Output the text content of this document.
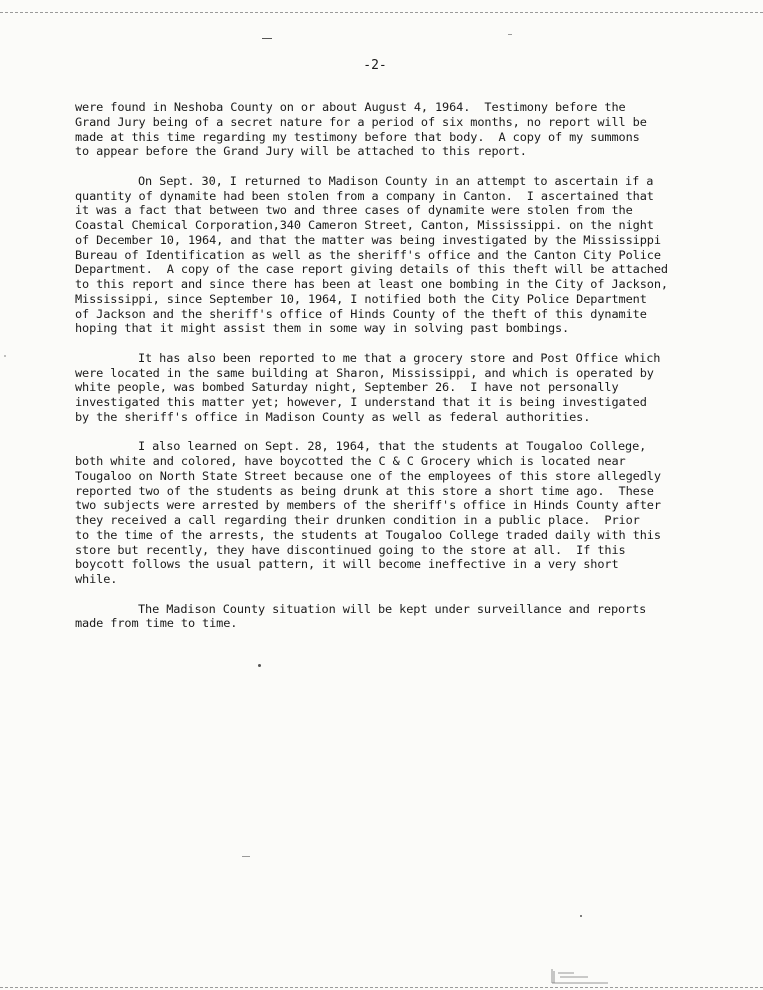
-2-
were found in Neshoba County on or about August 4, 1964.  Testimony before the
Grand Jury being of a secret nature for a period of six months, no report will be
made at this time regarding my testimony before that body.  A copy of my summons
to appear before the Grand Jury will be attached to this report.
On Sept. 30, I returned to Madison County in an attempt to ascertain if a
quantity of dynamite had been stolen from a company in Canton.  I ascertained that
it was a fact that between two and three cases of dynamite were stolen from the
Coastal Chemical Corporation,340 Cameron Street, Canton, Mississippi. on the night
of December 10, 1964, and that the matter was being investigated by the Mississippi
Bureau of Identification as well as the sheriff's office and the Canton City Police
Department.  A copy of the case report giving details of this theft will be attached
to this report and since there has been at least one bombing in the City of Jackson,
Mississippi, since September 10, 1964, I notified both the City Police Department
of Jackson and the sheriff's office of Hinds County of the theft of this dynamite
hoping that it might assist them in some way in solving past bombings.
It has also been reported to me that a grocery store and Post Office which
were located in the same building at Sharon, Mississippi, and which is operated by
white people, was bombed Saturday night, September 26.  I have not personally
investigated this matter yet; however, I understand that it is being investigated
by the sheriff's office in Madison County as well as federal authorities.
I also learned on Sept. 28, 1964, that the students at Tougaloo College,
both white and colored, have boycotted the C & C Grocery which is located near
Tougaloo on North State Street because one of the employees of this store allegedly
reported two of the students as being drunk at this store a short time ago.  These
two subjects were arrested by members of the sheriff's office in Hinds County after
they received a call regarding their drunken condition in a public place.  Prior
to the time of the arrests, the students at Tougaloo College traded daily with this
store but recently, they have discontinued going to the store at all.  If this
boycott follows the usual pattern, it will become ineffective in a very short
while.
The Madison County situation will be kept under surveillance and reports
made from time to time.
